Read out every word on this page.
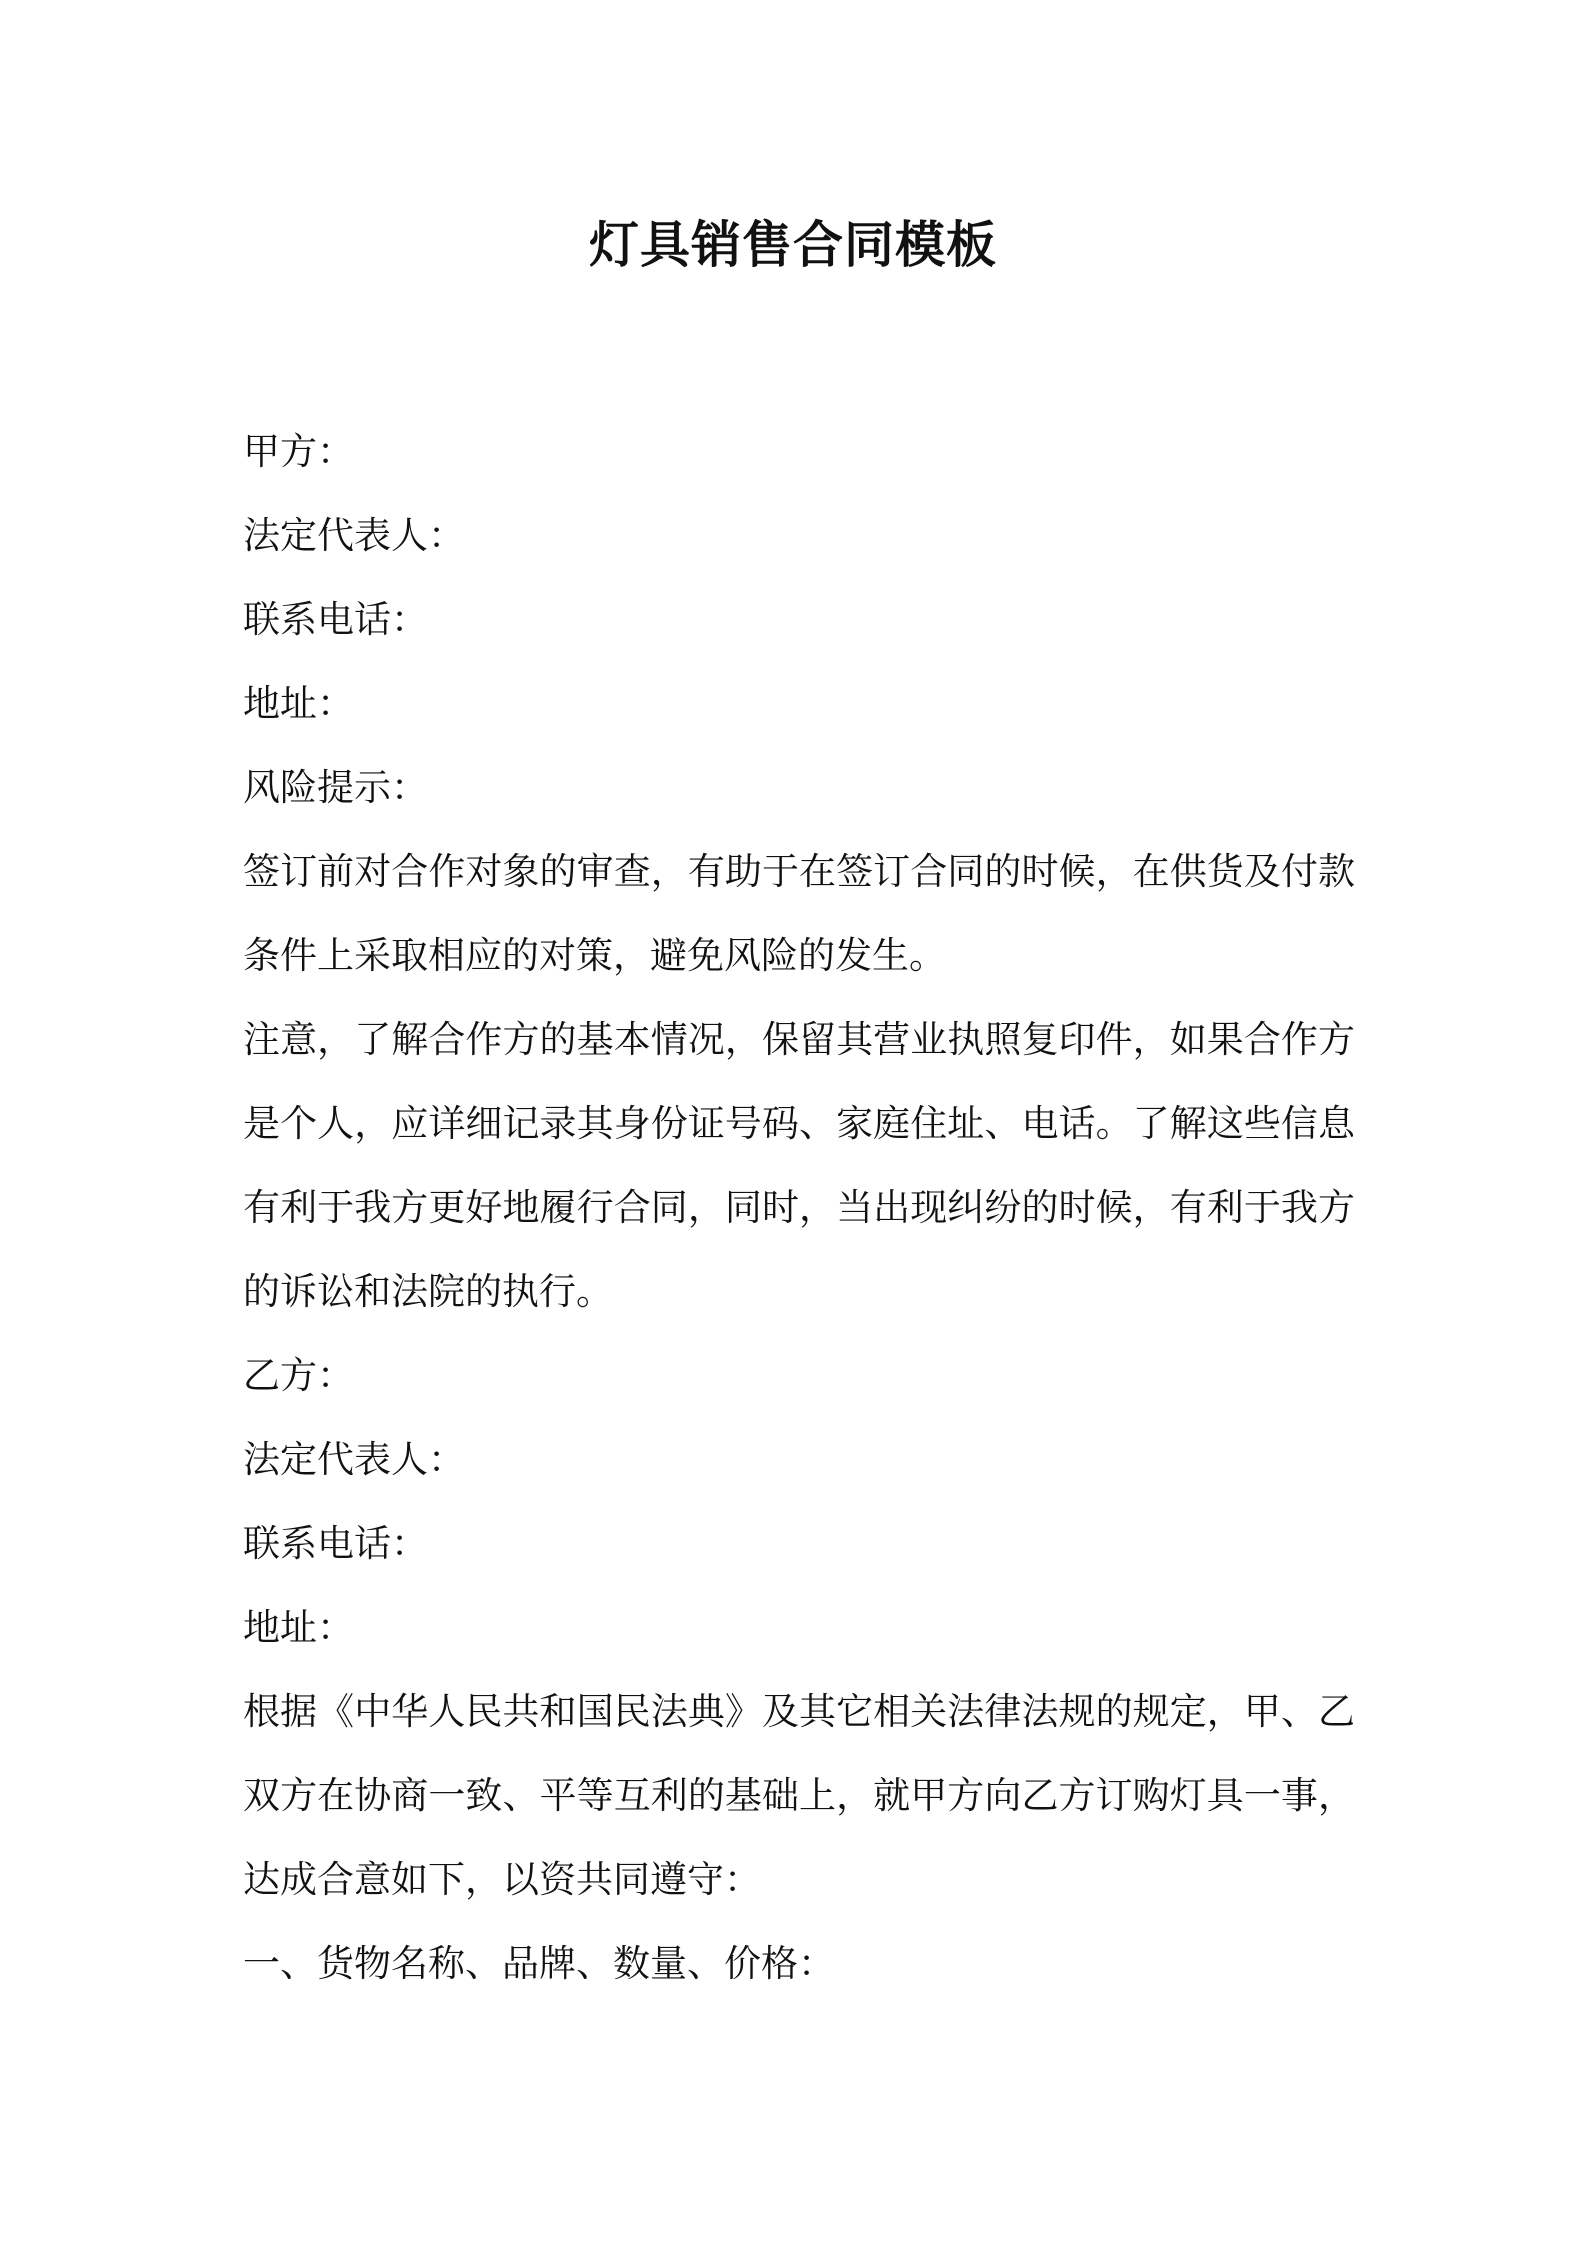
灯具销售合同模板

甲方：

法定代表人：

联系电话：

地址：

风险提示：

签订前对合作对象的审查，有助于在签订合同的时候，在供货及付款条件上采取相应的对策，避免风险的发生。

注意，了解合作方的基本情况，保留其营业执照复印件，如果合作方是个人，应详细记录其身份证号码、家庭住址、电话。了解这些信息有利于我方更好地履行合同，同时，当出现纠纷的时候，有利于我方的诉讼和法院的执行。

乙方：

法定代表人：

联系电话：

地址：

根据《中华人民共和国民法典》及其它相关法律法规的规定，甲、乙双方在协商一致、平等互利的基础上，就甲方向乙方订购灯具一事，达成合意如下，以资共同遵守：

一、货物名称、品牌、数量、价格：
